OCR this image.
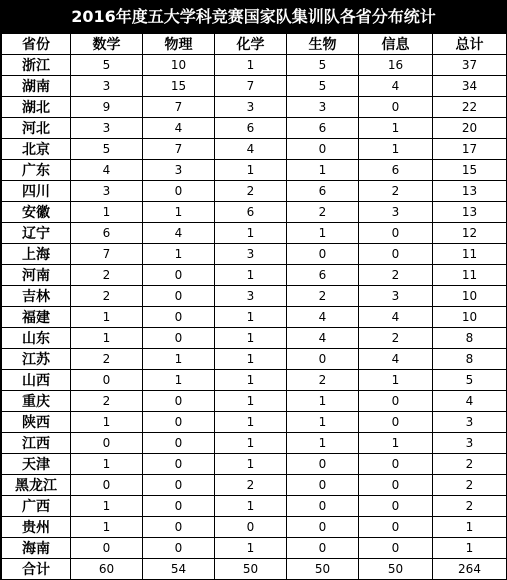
2016年度五大学科竞赛国家队集训队各省分布统计
省份	数学	物理	化学	生物	信息	总计
浙江	5	10	1	5	16	37
湖南	3	15	7	5	4	34
湖北	9	7	3	3	0	22
河北	3	4	6	6	1	20
北京	5	7	4	0	1	17
广东	4	3	1	1	6	15
四川	3	0	2	6	2	13
安徽	1	1	6	2	3	13
辽宁	6	4	1	1	0	12
上海	7	1	3	0	0	11
河南	2	0	1	6	2	11
吉林	2	0	3	2	3	10
福建	1	0	1	4	4	10
山东	1	0	1	4	2	8
江苏	2	1	1	0	4	8
山西	0	1	1	2	1	5
重庆	2	0	1	1	0	4
陕西	1	0	1	1	0	3
江西	0	0	1	1	1	3
天津	1	0	1	0	0	2
黑龙江	0	0	2	0	0	2
广西	1	0	1	0	0	2
贵州	1	0	0	0	0	1
海南	0	0	1	0	0	1
合计	60	54	50	50	50	264
